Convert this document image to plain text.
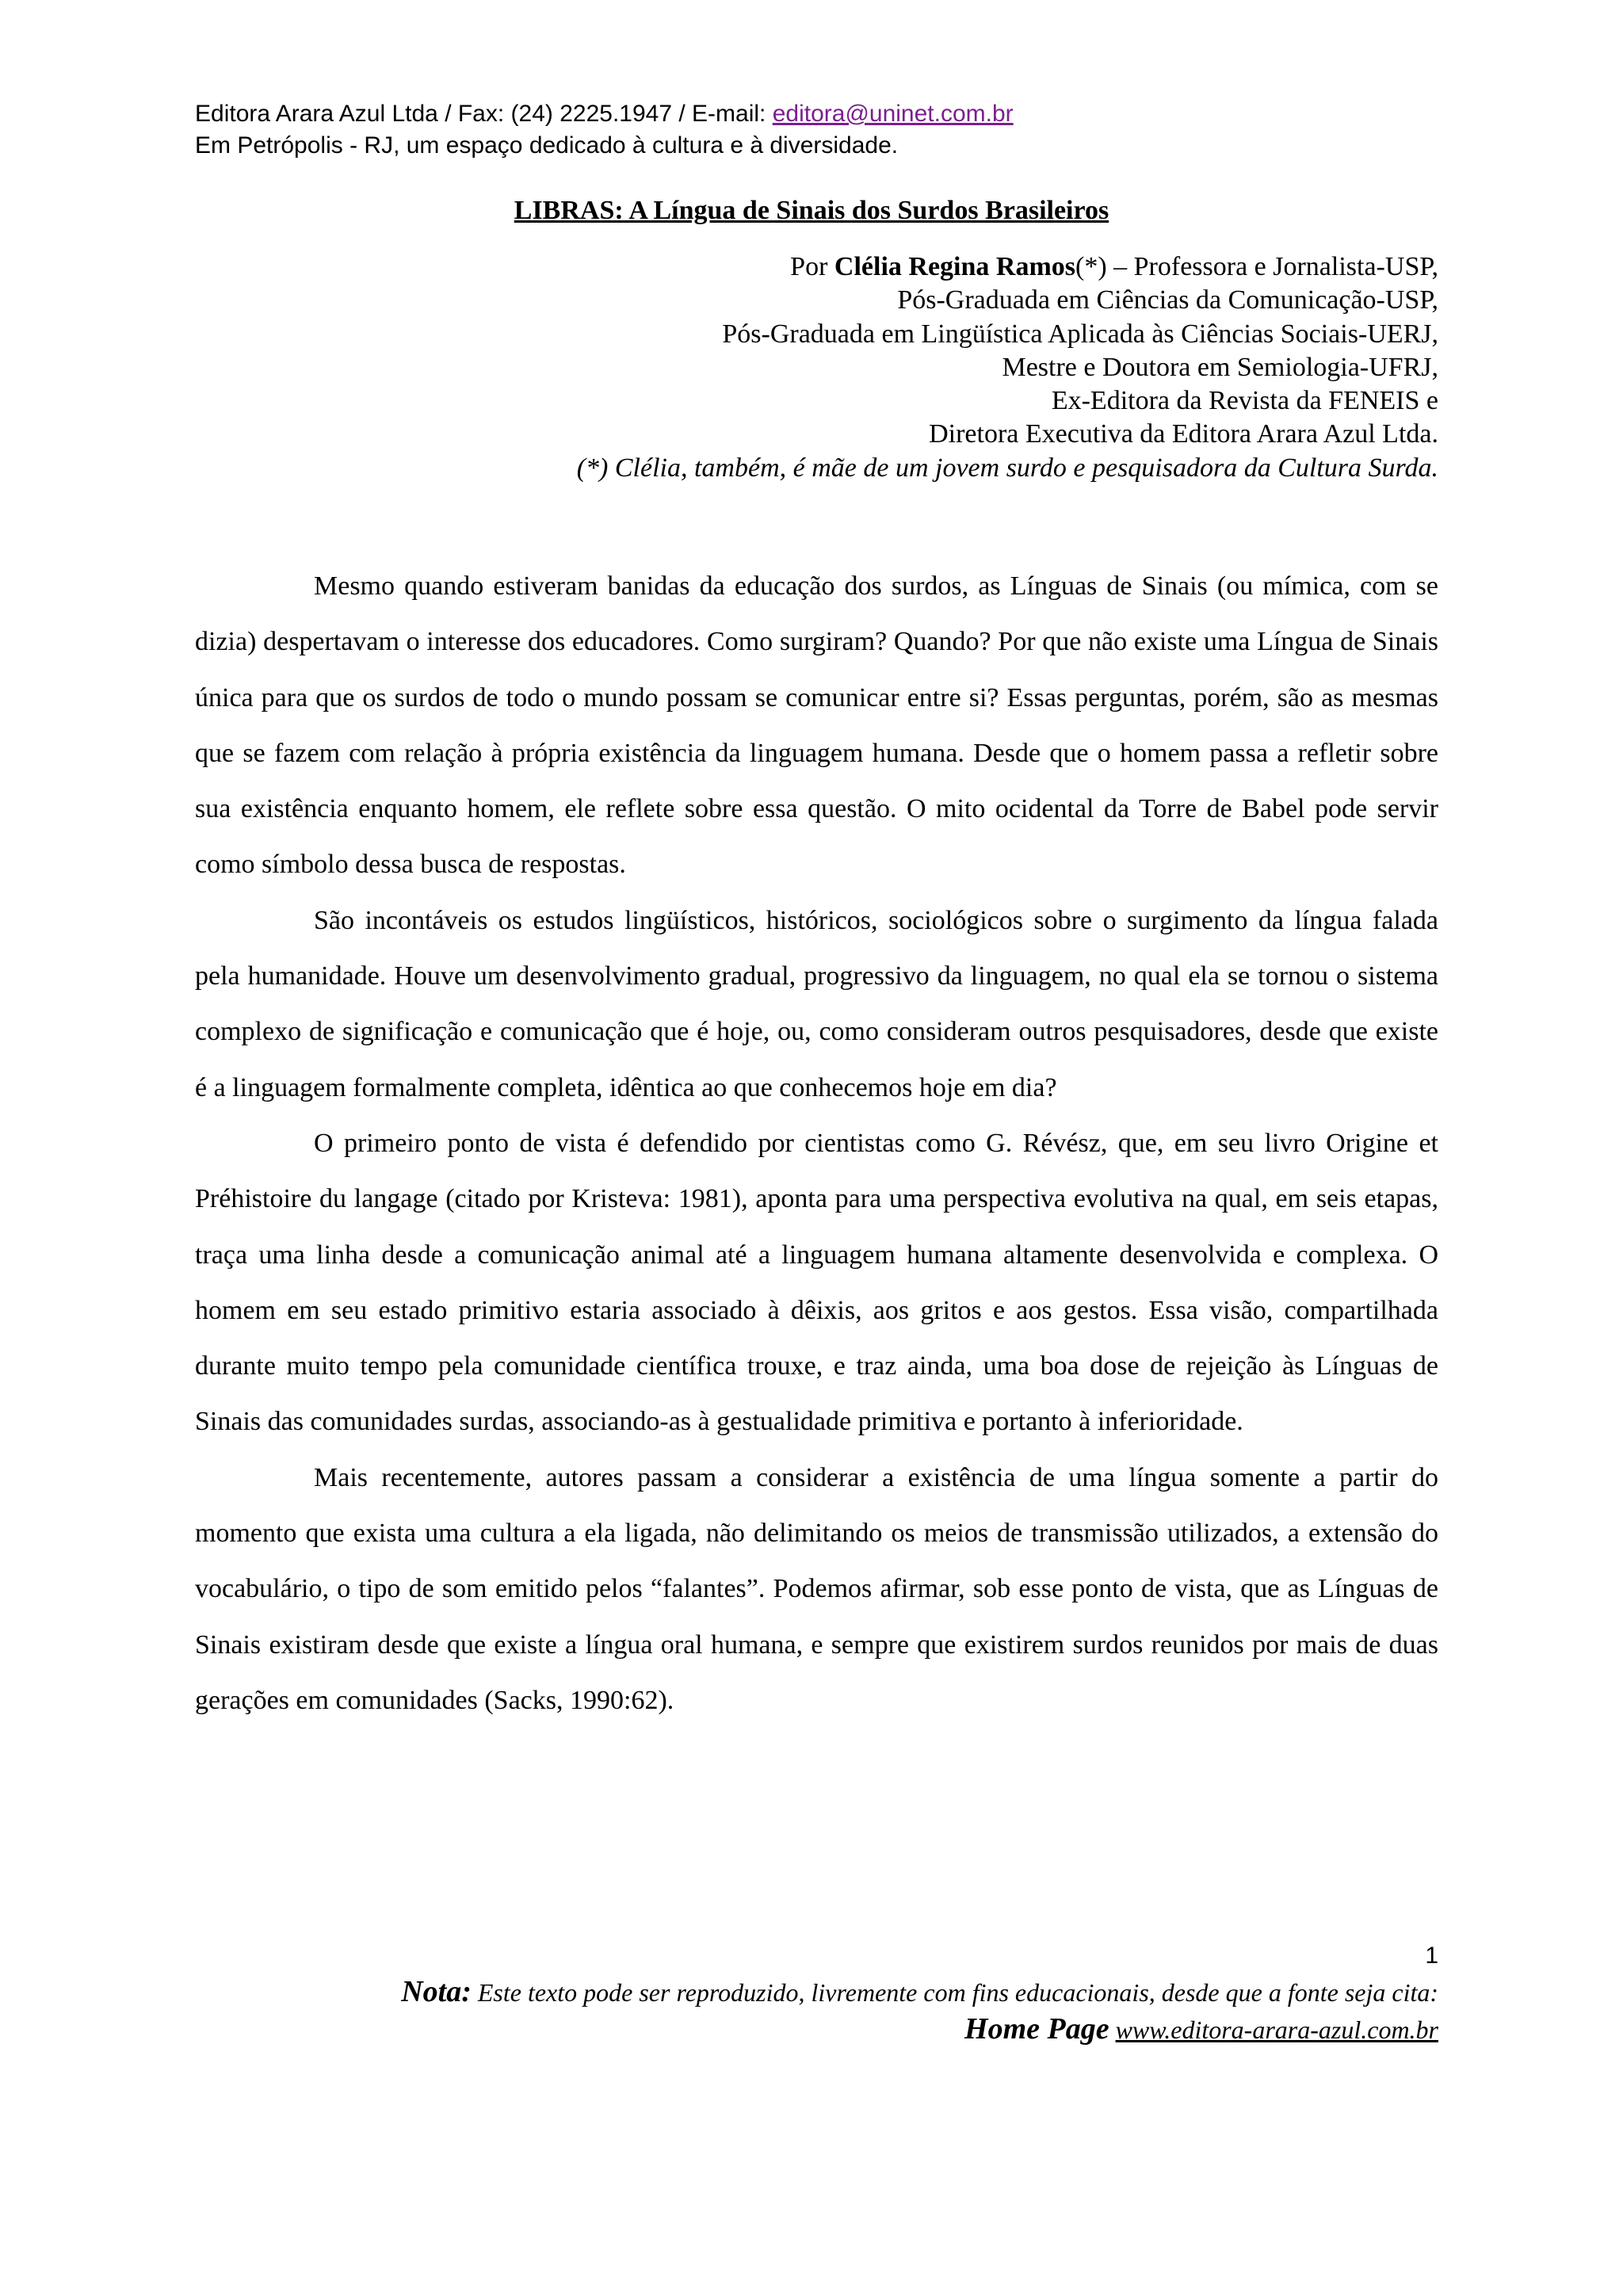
Editora Arara Azul Ltda / Fax: (24) 2225.1947 / E-mail: editora@uninet.com.br
Em Petrópolis - RJ, um espaço dedicado à cultura e à diversidade.
LIBRAS: A Língua de Sinais dos Surdos Brasileiros
Por Clélia Regina Ramos(*) – Professora e Jornalista-USP,
Pós-Graduada em Ciências da Comunicação-USP,
Pós-Graduada em Lingüística Aplicada às Ciências Sociais-UERJ,
Mestre e Doutora em Semiologia-UFRJ,
Ex-Editora da Revista da FENEIS e
Diretora Executiva da Editora Arara Azul Ltda.
(*) Clélia, também, é mãe de um jovem surdo e pesquisadora da Cultura Surda.

Mesmo quando estiveram banidas da educação dos surdos, as Línguas de Sinais (ou mímica, com se dizia) despertavam o interesse dos educadores. Como surgiram? Quando? Por que não existe uma Língua de Sinais única para que os surdos de todo o mundo possam se comunicar entre si? Essas perguntas, porém, são as mesmas que se fazem com relação à própria existência da linguagem humana. Desde que o homem passa a refletir sobre sua existência enquanto homem, ele reflete sobre essa questão. O mito ocidental da Torre de Babel pode servir como símbolo dessa busca de respostas.

São incontáveis os estudos lingüísticos, históricos, sociológicos sobre o surgimento da língua falada pela humanidade. Houve um desenvolvimento gradual, progressivo da linguagem, no qual ela se tornou o sistema complexo de significação e comunicação que é hoje, ou, como consideram outros pesquisadores, desde que existe é a linguagem formalmente completa, idêntica ao que conhecemos hoje em dia?

O primeiro ponto de vista é defendido por cientistas como G. Révész, que, em seu livro Origine et Préhistoire du langage (citado por Kristeva: 1981), aponta para uma perspectiva evolutiva na qual, em seis etapas, traça uma linha desde a comunicação animal até a linguagem humana altamente desenvolvida e complexa. O homem em seu estado primitivo estaria associado à dêixis, aos gritos e aos gestos. Essa visão, compartilhada durante muito tempo pela comunidade científica trouxe, e traz ainda, uma boa dose de rejeição às Línguas de Sinais das comunidades surdas, associando-as à gestualidade primitiva e portanto à inferioridade.

Mais recentemente, autores passam a considerar a existência de uma língua somente a partir do momento que exista uma cultura a ela ligada, não delimitando os meios de transmissão utilizados, a extensão do vocabulário, o tipo de som emitido pelos “falantes”. Podemos afirmar, sob esse ponto de vista, que as Línguas de Sinais existiram desde que existe a língua oral humana, e sempre que existirem surdos reunidos por mais de duas gerações em comunidades (Sacks, 1990:62).

1
Nota: Este texto pode ser reproduzido, livremente com fins educacionais, desde que a fonte seja cita:
Home Page www.editora-arara-azul.com.br
